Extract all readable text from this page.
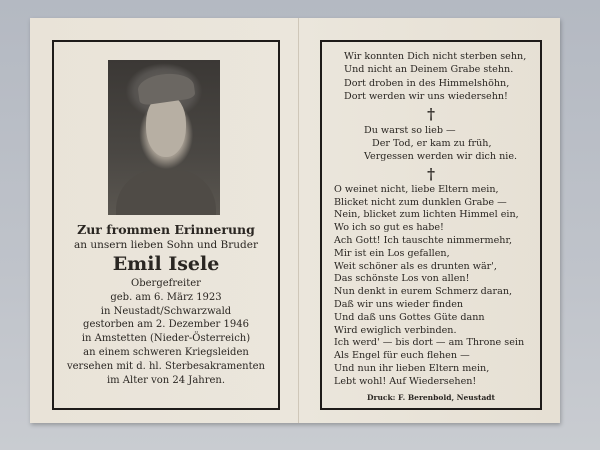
Zur frommen Erinnerung
an unsern lieben Sohn und Bruder
Emil Isele
Obergefreiter
geb. am 6. März 1923
in Neustadt/Schwarzwald
gestorben am 2. Dezember 1946
in Amstetten (Nieder-Österreich)
an einem schweren Kriegsleiden
versehen mit d. hl. Sterbesakramenten
im Alter von 24 Jahren.
Wir konnten Dich nicht sterben sehn,
Und nicht an Deinem Grabe stehn.
Dort droben in des Himmelshöhn,
Dort werden wir uns wiedersehn!
†
Du warst so lieb —
Der Tod, er kam zu früh,
Vergessen werden wir dich nie.
†
O weinet nicht, liebe Eltern mein,
Blicket nicht zum dunklen Grabe —
Nein, blicket zum lichten Himmel ein,
Wo ich so gut es habe!
Ach Gott! Ich tauschte nimmermehr,
Mir ist ein Los gefallen,
Weit schöner als es drunten wär',
Das schönste Los von allen!
Nun denkt in eurem Schmerz daran,
Daß wir uns wieder finden
Und daß uns Gottes Güte dann
Wird ewiglich verbinden.
Ich werd' — bis dort — am Throne sein
Als Engel für euch flehen —
Und nun ihr lieben Eltern mein,
Lebt wohl! Auf Wiedersehen!
Druck: F. Berenbold, Neustadt
